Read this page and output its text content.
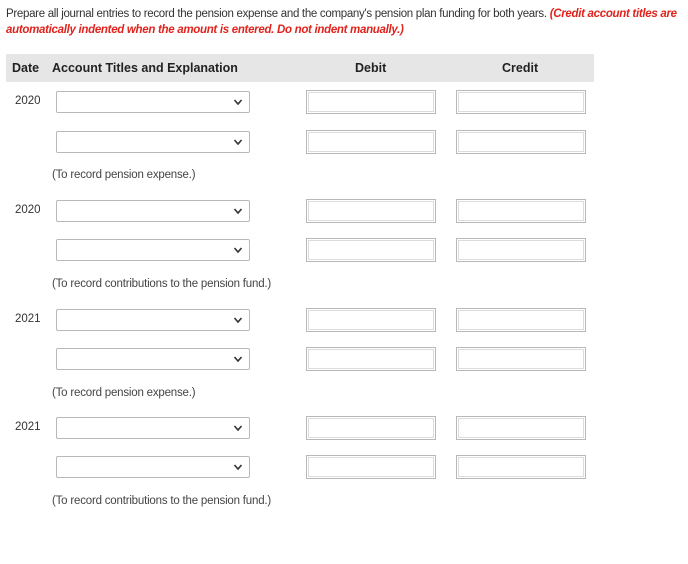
Prepare all journal entries to record the pension expense and the company's pension plan funding for both years. (Credit account titles are automatically indented when the amount is entered. Do not indent manually.)
Date Account Titles and Explanation	Debit	Credit
2020
(To record pension expense.)
2020
(To record contributions to the pension fund.)
2021
(To record pension expense.)
2021
(To record contributions to the pension fund.)
